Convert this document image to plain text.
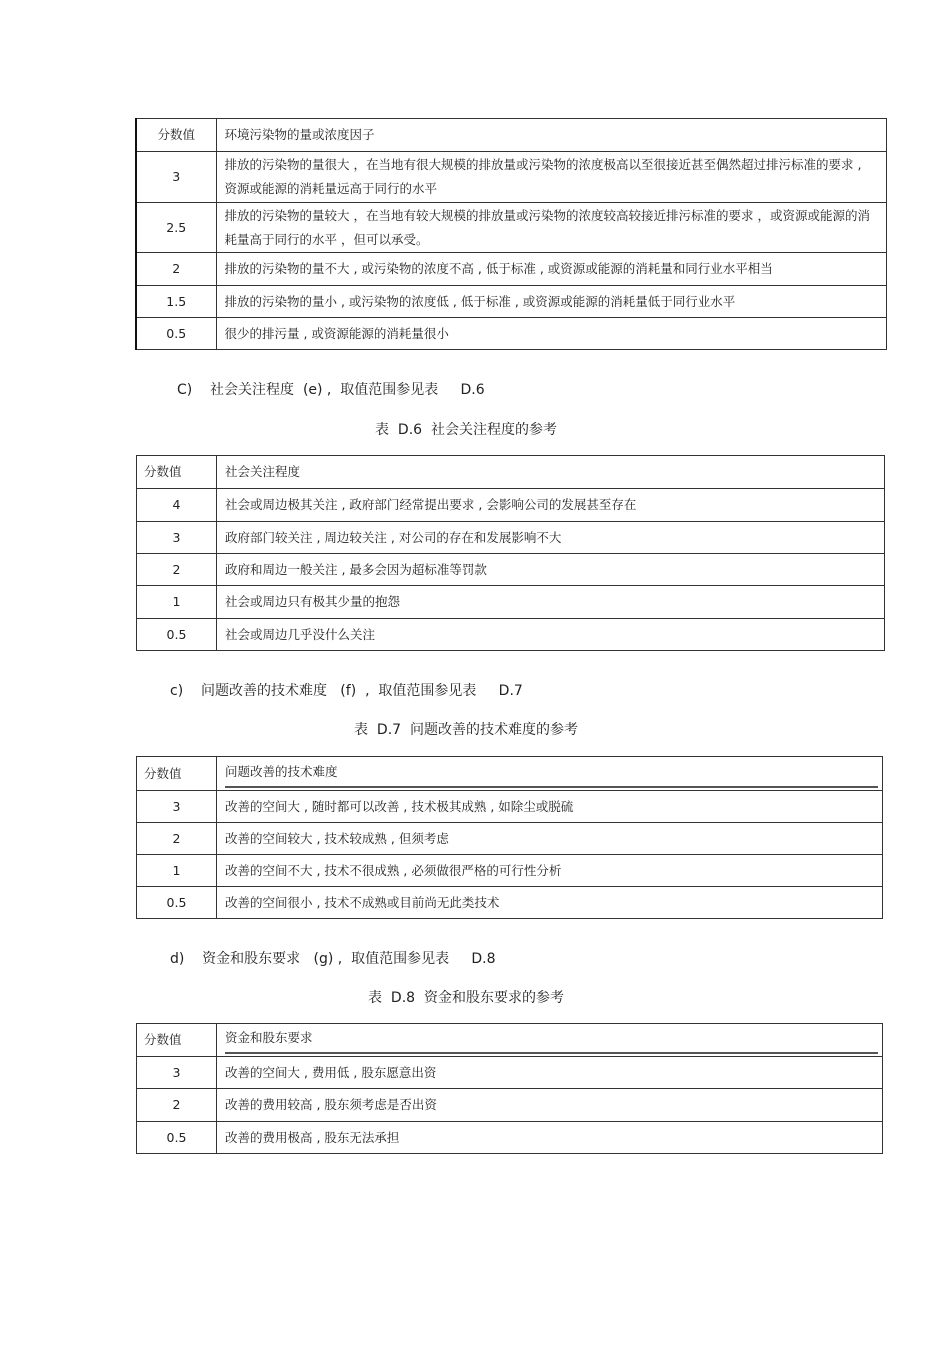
分数值	环境污染物的量或浓度因子
3	排放的污染物的量很大 ，在当地有很大规模的排放量或污染物的浓度极高以至很接近甚至偶然超过排污标准的要求 , 资源或能源的消耗量远高于同行的水平
2.5	排放的污染物的量较大 ，在当地有较大规模的排放量或污染物的浓度较高较接近排污标准的要求 ，或资源或能源的消耗量高于同行的水平 ，但可以承受。
2	排放的污染物的量不大 , 或污染物的浓度不高 , 低于标准 , 或资源或能源的消耗量和同行业水平相当
1.5	排放的污染物的量小 , 或污染物的浓度低 , 低于标准 , 或资源或能源的消耗量低于同行业水平
0.5	很少的排污量 , 或资源能源的消耗量很小
C)    社会关注程度  (e) ,  取值范围参见表     D.6
表  D.6  社会关注程度的参考
分数值	社会关注程度
4	社会或周边极其关注 , 政府部门经常提出要求 , 会影响公司的发展甚至存在
3	政府部门较关注 , 周边较关注 , 对公司的存在和发展影响不大
2	政府和周边一般关注 , 最多会因为超标准等罚款
1	社会或周边只有极其少量的抱怨
0.5	社会或周边几乎没什么关注
c)    问题改善的技术难度   (f)  ,  取值范围参见表     D.7
表  D.7  问题改善的技术难度的参考
分数值	问题改善的技术难度

3	改善的空间大 , 随时都可以改善 , 技术极其成熟 , 如除尘或脱硫
2	改善的空间较大 , 技术较成熟 , 但须考虑
1	改善的空间不大 , 技术不很成熟 , 必须做很严格的可行性分析
0.5	改善的空间很小 , 技术不成熟或目前尚无此类技术
d)    资金和股东要求   (g) ,  取值范围参见表     D.8
表  D.8  资金和股东要求的参考
分数值	资金和股东要求

3	改善的空间大 , 费用低 , 股东愿意出资
2	改善的费用较高 , 股东须考虑是否出资
0.5	改善的费用极高 , 股东无法承担
